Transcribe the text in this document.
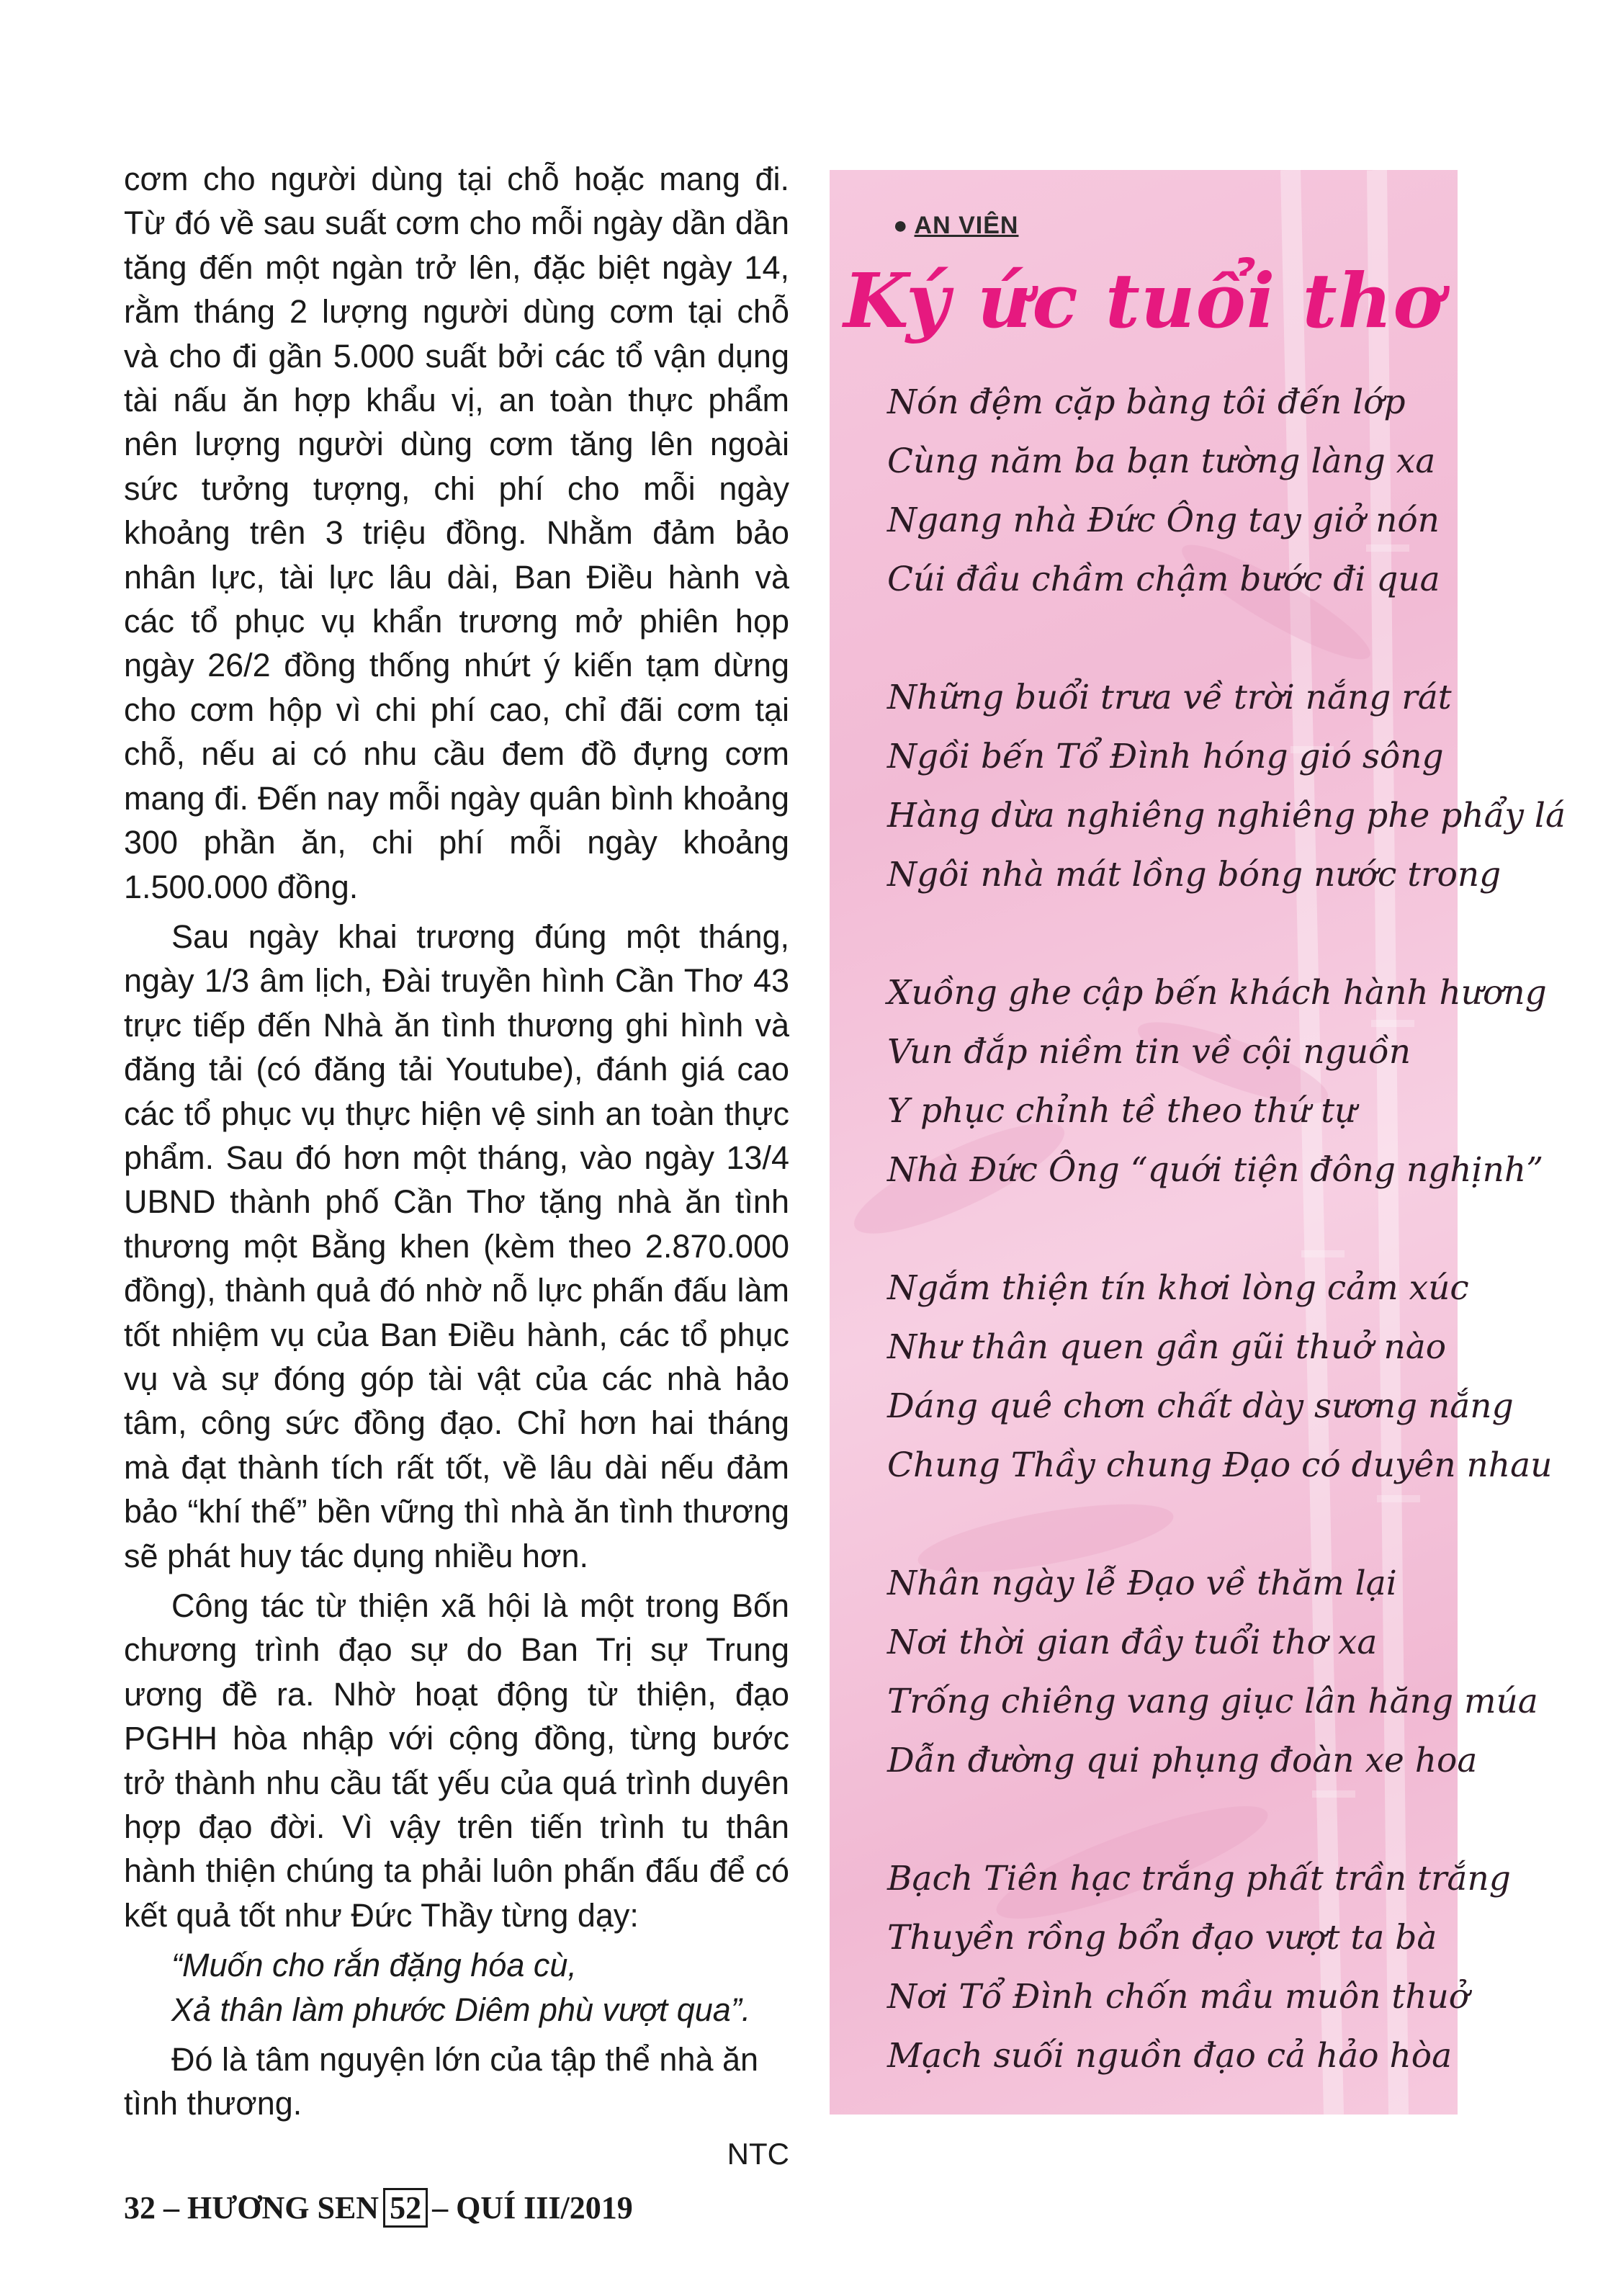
cơm cho người dùng tại chỗ hoặc mang đi. Từ đó về sau suất cơm cho mỗi ngày dần dần tăng đến một ngàn trở lên, đặc biệt ngày 14, rằm tháng 2 lượng người dùng cơm tại chỗ và cho đi gần 5.000 suất bởi các tổ vận dụng tài nấu ăn hợp khẩu vị, an toàn thực phẩm nên lượng người dùng cơm tăng lên ngoài sức tưởng tượng, chi phí cho mỗi ngày khoảng trên 3 triệu đồng. Nhằm đảm bảo nhân lực, tài lực lâu dài, Ban Điều hành và các tổ phục vụ khẩn trương mở phiên họp ngày 26/2 đồng thống nhứt ý kiến tạm dừng cho cơm hộp vì chi phí cao, chỉ đãi cơm tại chỗ, nếu ai có nhu cầu đem đồ đựng cơm mang đi. Đến nay mỗi ngày quân bình khoảng 300 phần ăn, chi phí mỗi ngày khoảng 1.500.000 đồng.

Sau ngày khai trương đúng một tháng, ngày 1/3 âm lịch, Đài truyền hình Cần Thơ 43 trực tiếp đến Nhà ăn tình thương ghi hình và đăng tải (có đăng tải Youtube), đánh giá cao các tổ phục vụ thực hiện vệ sinh an toàn thực phẩm. Sau đó hơn một tháng, vào ngày 13/4 UBND thành phố Cần Thơ tặng nhà ăn tình thương một Bằng khen (kèm theo 2.870.000 đồng), thành quả đó nhờ nỗ lực phấn đấu làm tốt nhiệm vụ của Ban Điều hành, các tổ phục vụ và sự đóng góp tài vật của các nhà hảo tâm, công sức đồng đạo. Chỉ hơn hai tháng mà đạt thành tích rất tốt, về lâu dài nếu đảm bảo “khí thế” bền vững thì nhà ăn tình thương sẽ phát huy tác dụng nhiều hơn.

Công tác từ thiện xã hội là một trong Bốn chương trình đạo sự do Ban Trị sự Trung ương đề ra. Nhờ hoạt động từ thiện, đạo PGHH hòa nhập với cộng đồng, từng bước trở thành nhu cầu tất yếu của quá trình duyên hợp đạo đời. Vì vậy trên tiến trình tu thân hành thiện chúng ta phải luôn phấn đấu để có kết quả tốt như Đức Thầy từng dạy:

“Muốn cho rắn đặng hóa cù,

Xả thân làm phước Diêm phù vượt qua”.

Đó là tâm nguyện lớn của tập thể nhà ăn tình thương.

NTC
● AN VIÊN
Ký ức tuổi thơ
Nón đệm cặp bàng tôi đến lớp
Cùng năm ba bạn tường làng xa
Ngang nhà Đức Ông tay giở nón
Cúi đầu chầm chậm bước đi qua
Những buổi trưa về trời nắng rát
Ngồi bến Tổ Đình hóng gió sông
Hàng dừa nghiêng nghiêng phe phẩy lá
Ngôi nhà mát lồng bóng nước trong
Xuồng ghe cập bến khách hành hương
Vun đắp niềm tin về cội nguồn
Y phục chỉnh tề theo thứ tự
Nhà Đức Ông “quới tiện đông nghịnh”
Ngắm thiện tín khơi lòng cảm xúc
Như thân quen gần gũi thuở nào
Dáng quê chơn chất dày sương nắng
Chung Thầy chung Đạo có duyên nhau
Nhân ngày lễ Đạo về thăm lại
Nơi thời gian đầy tuổi thơ xa
Trống chiêng vang giục lân hăng múa
Dẫn đường qui phụng đoàn xe hoa
Bạch Tiên hạc trắng phất trần trắng
Thuyền rồng bổn đạo vượt ta bà
Nơi Tổ Đình chốn mầu muôn thuở
Mạch suối nguồn đạo cả hảo hòa
32 – HƯƠNG SEN 52 – QUÍ III/2019
